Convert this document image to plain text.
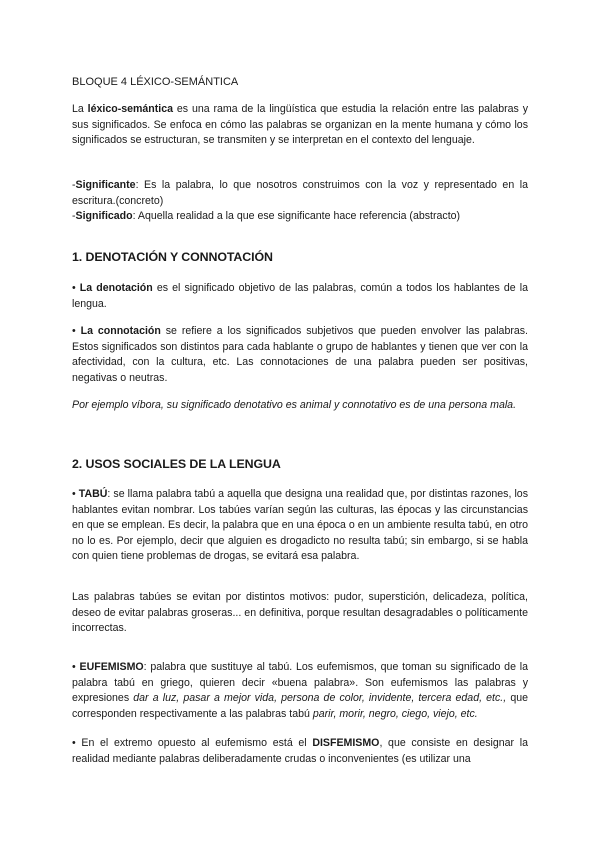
BLOQUE 4 LÉXICO-SEMÁNTICA
La léxico-semántica es una rama de la lingüística que estudia la relación entre las palabras y sus significados. Se enfoca en cómo las palabras se organizan en la mente humana y cómo los significados se estructuran, se transmiten y se interpretan en el contexto del lenguaje.
-Significante: Es la palabra, lo que nosotros construimos con la voz y representado en la escritura.(concreto)
-Significado: Aquella realidad a la que ese significante hace referencia (abstracto)
1. DENOTACIÓN Y CONNOTACIÓN
• La denotación es el significado objetivo de las palabras, común a todos los hablantes de la lengua.
• La connotación se refiere a los significados subjetivos que pueden envolver las palabras. Estos significados son distintos para cada hablante o grupo de hablantes y tienen que ver con la afectividad, con la cultura, etc. Las connotaciones de una palabra pueden ser positivas, negativas o neutras.
Por ejemplo víbora, su significado denotativo es animal y connotativo es de una persona mala.
2. USOS SOCIALES DE LA LENGUA
• TABÚ: se llama palabra tabú a aquella que designa una realidad que, por distintas razones, los hablantes evitan nombrar. Los tabúes varían según las culturas, las épocas y las circunstancias en que se emplean. Es decir, la palabra que en una época o en un ambiente resulta tabú, en otro no lo es. Por ejemplo, decir que alguien es drogadicto no resulta tabú; sin embargo, si se habla con quien tiene problemas de drogas, se evitará esa palabra.
Las palabras tabúes se evitan por distintos motivos: pudor, superstición, delicadeza, política, deseo de evitar palabras groseras... en definitiva, porque resultan desagradables o políticamente incorrectas.
• EUFEMISMO: palabra que sustituye al tabú. Los eufemismos, que toman su significado de la palabra tabú en griego, quieren decir «buena palabra». Son eufemismos las palabras y expresiones dar a luz, pasar a mejor vida, persona de color, invidente, tercera edad, etc., que corresponden respectivamente a las palabras tabú parir, morir, negro, ciego, viejo, etc.
• En el extremo opuesto al eufemismo está el DISFEMISMO, que consiste en designar la realidad mediante palabras deliberadamente crudas o inconvenientes (es utilizar una
